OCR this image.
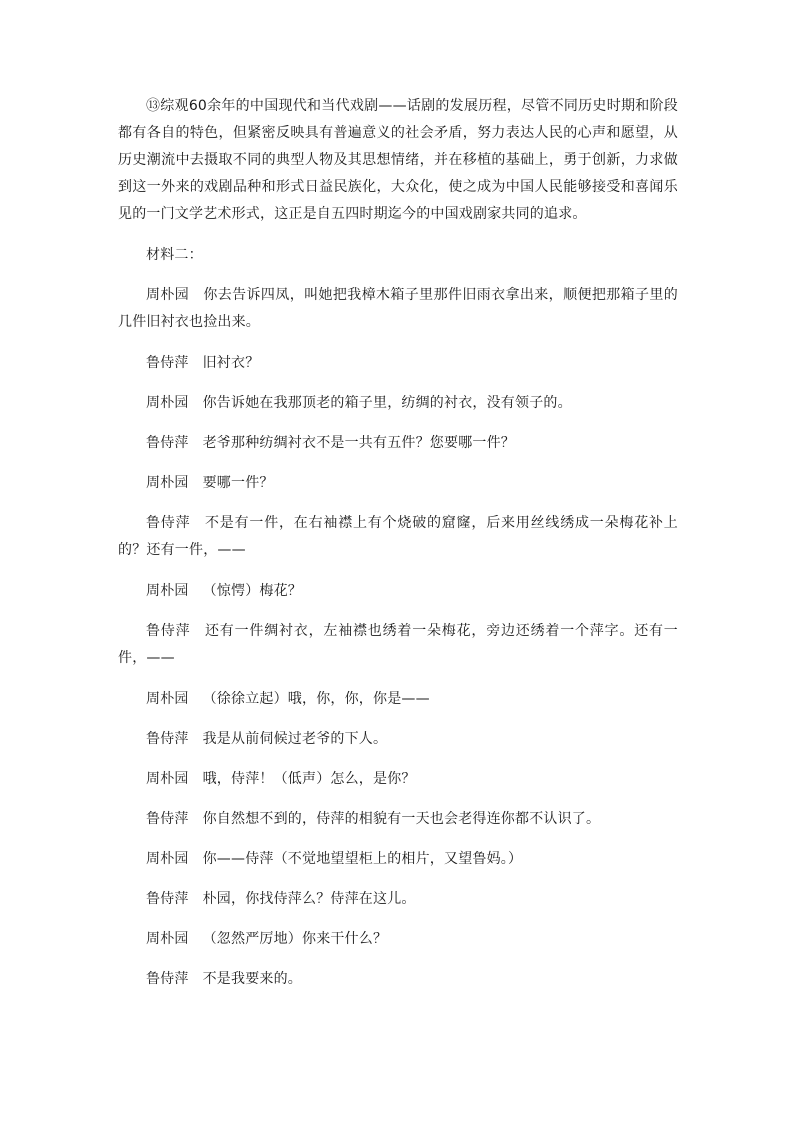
⑬综观60余年的中国现代和当代戏剧——话剧的发展历程，尽管不同历史时期和阶段都有各自的特色，但紧密反映具有普遍意义的社会矛盾，努力表达人民的心声和愿望，从历史潮流中去摄取不同的典型人物及其思想情绪，并在移植的基础上，勇于创新，力求做到这一外来的戏剧品种和形式日益民族化，大众化，使之成为中国人民能够接受和喜闻乐见的一门文学艺术形式，这正是自五四时期迄今的中国戏剧家共同的追求。

材料二：

周朴园 你去告诉四凤，叫她把我樟木箱子里那件旧雨衣拿出来，顺便把那箱子里的几件旧衬衣也捡出来。

鲁侍萍 旧衬衣？

周朴园 你告诉她在我那顶老的箱子里，纺绸的衬衣，没有领子的。

鲁侍萍 老爷那种纺绸衬衣不是一共有五件？您要哪一件？

周朴园 要哪一件？

鲁侍萍 不是有一件，在右袖襟上有个烧破的窟窿，后来用丝线绣成一朵梅花补上的？还有一件，——

周朴园 （惊愕）梅花？

鲁侍萍 还有一件绸衬衣，左袖襟也绣着一朵梅花，旁边还绣着一个萍字。还有一件，——

周朴园 （徐徐立起）哦，你，你，你是——

鲁侍萍 我是从前伺候过老爷的下人。

周朴园 哦，侍萍！（低声）怎么，是你？

鲁侍萍 你自然想不到的，侍萍的相貌有一天也会老得连你都不认识了。

周朴园 你——侍萍（不觉地望望柜上的相片，又望鲁妈。）

鲁侍萍 朴园，你找侍萍么？侍萍在这儿。

周朴园 （忽然严厉地）你来干什么？

鲁侍萍 不是我要来的。
